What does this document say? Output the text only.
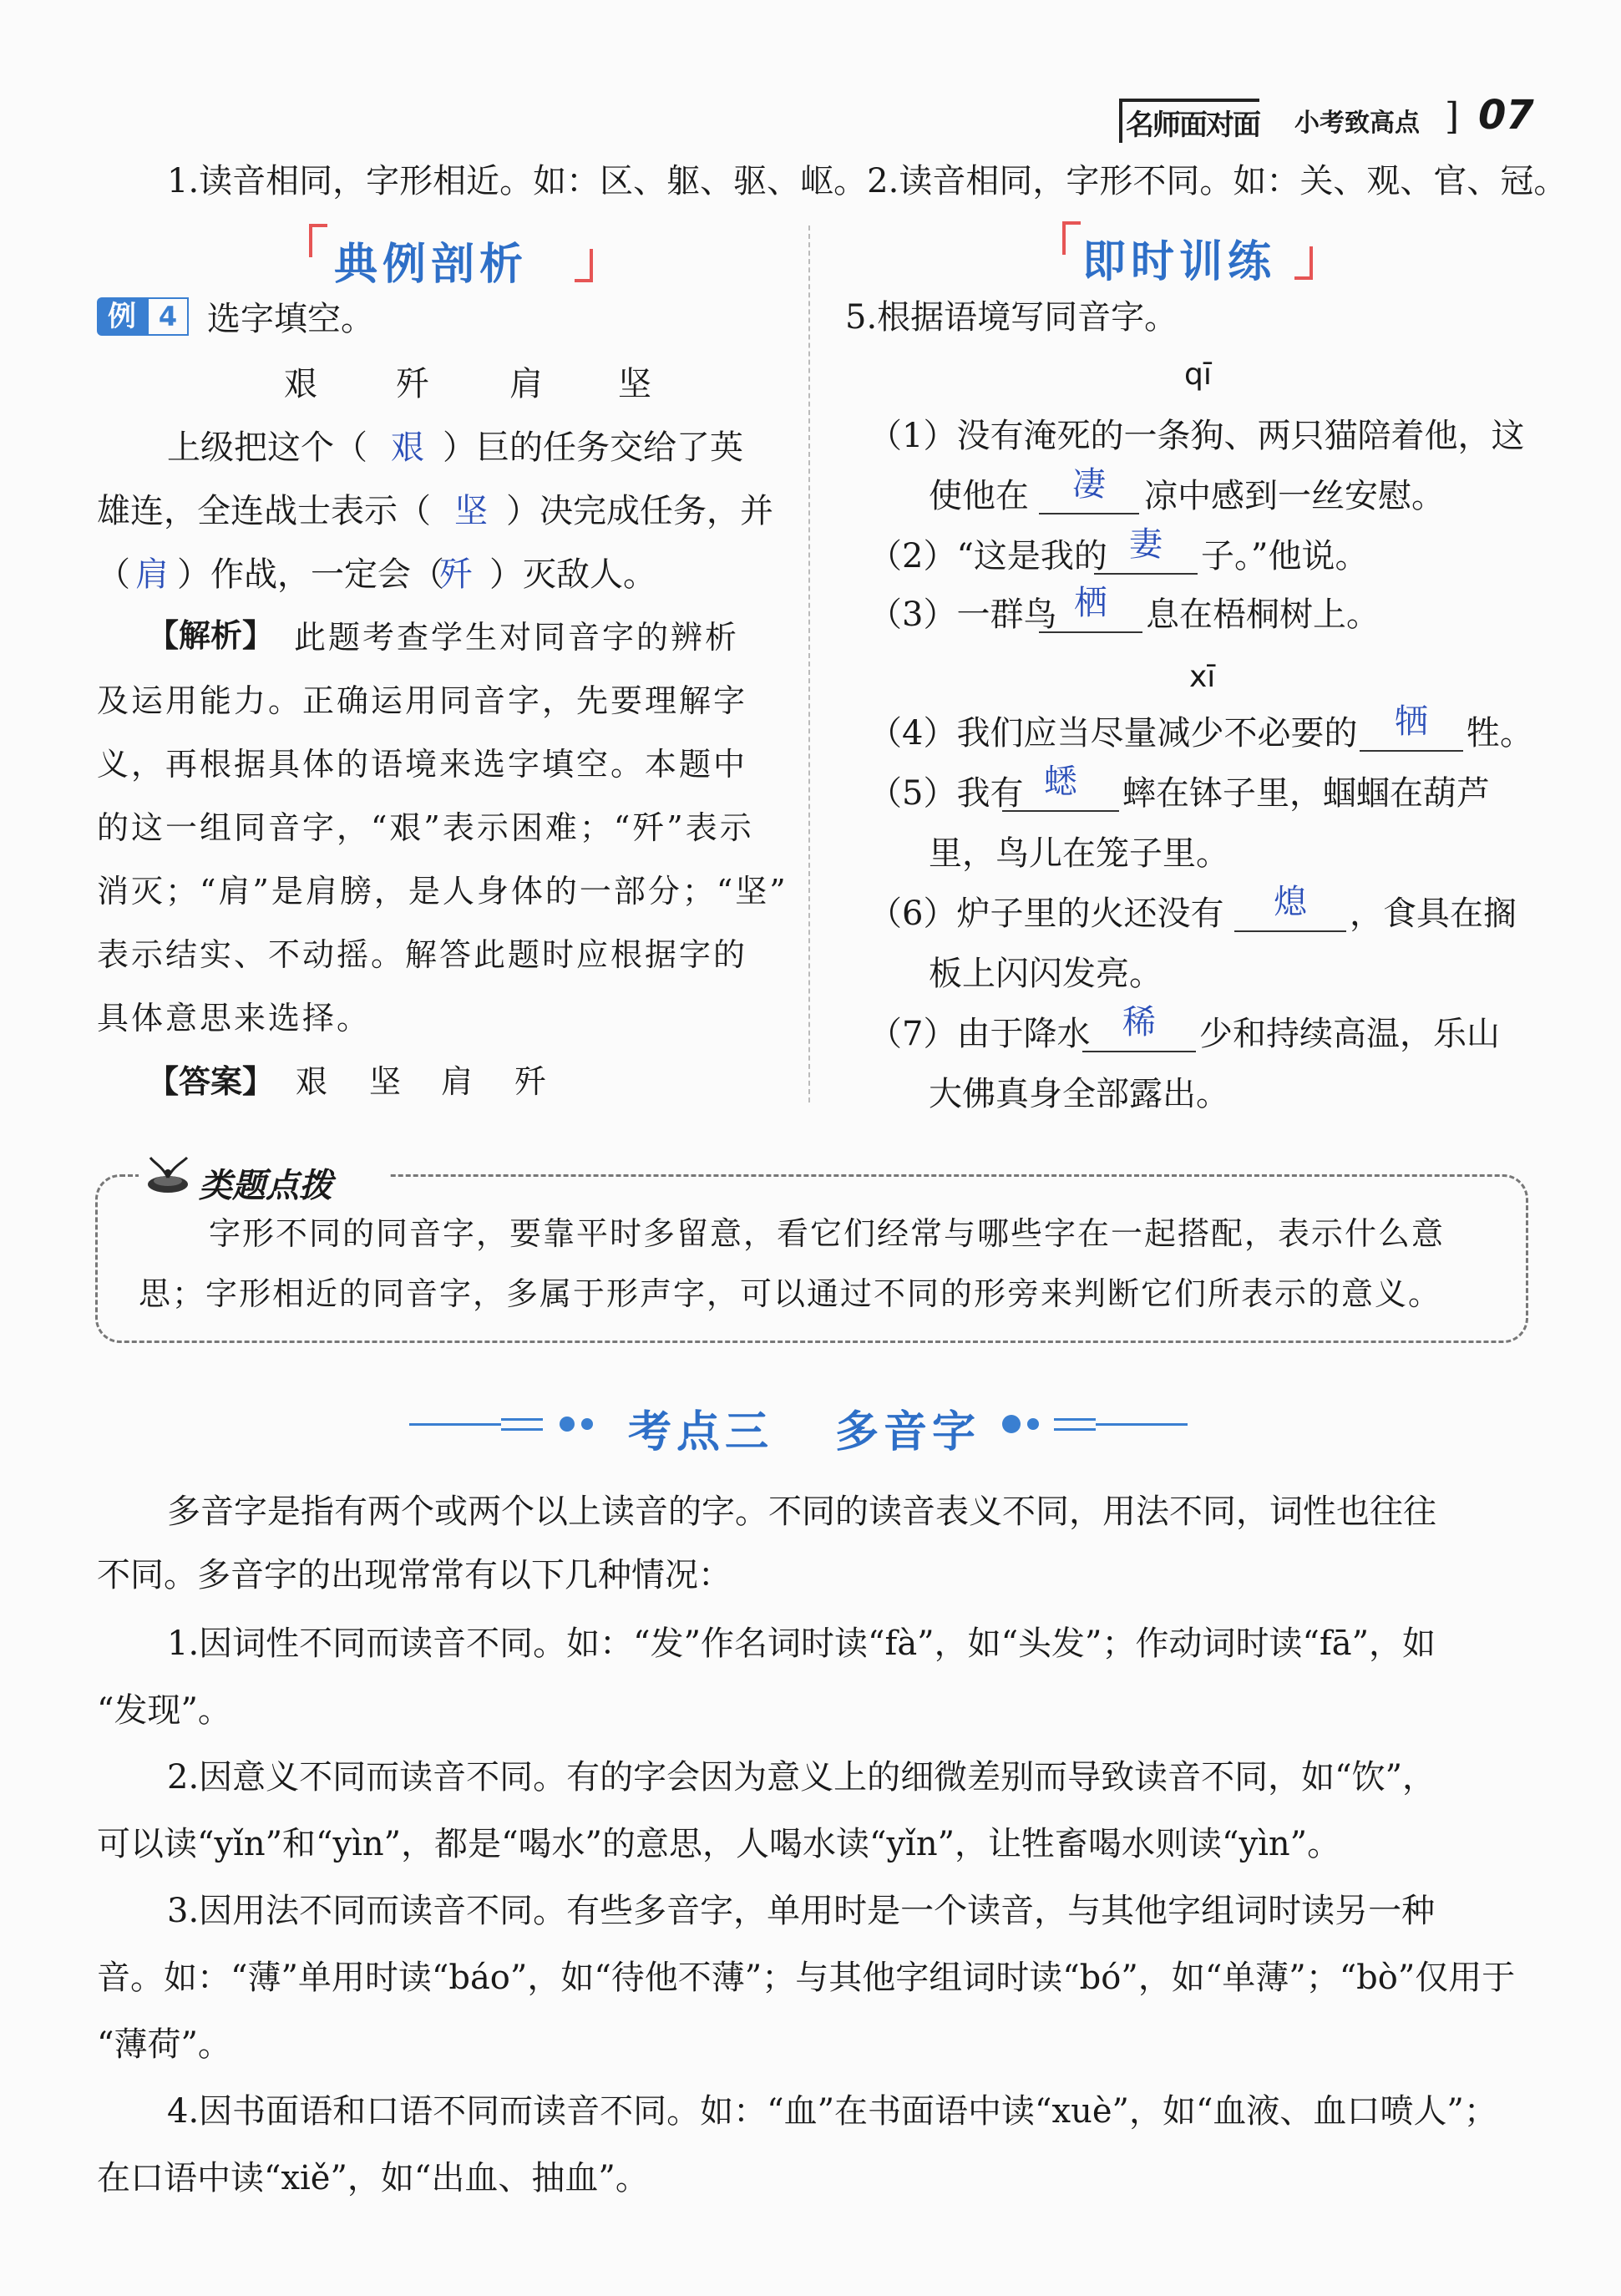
名师面对面 小考致高点 ] 07
1.读音相同，字形相近。如：区、躯、驱、岖。2.读音相同，字形不同。如：关、观、官、冠。
典例剖析	即时训练
例 4 选字填空。
艰 歼 肩 坚
上级把这个（ 艰 ）巨的任务交给了英
雄连，全连战士表示（ 坚 ）决完成任务，并
（ 肩 ）作战，一定会（
歼 ）灭敌人。
【解析】 此题考查学生对同音字的辨析
及运用能力。正确运用同音字，先要理解字
义，再根据具体的语境来选字填空。本题中
的这一组同音字，“艰”表示困难；“歼”表示
消灭；“肩”是肩膀，是人身体的一部分；“坚”
表示结实、不动摇。解答此题时应根据字的
具体意思来选择。
【答案】 艰 坚 肩 歼
5.根据语境写同音字。
qī
（1）没有淹死的一条狗、两只猫陪着他，这
使他在	凄	凉中感到一丝安慰。
（2）“这是我的 妻	子。”他说。
（3）一群鸟 栖	息在梧桐树上。
xī
（4）我们应当尽量减少不必要的	牺	牲。
（5）我有 蟋	蟀在钵子里，蝈蝈在葫芦
里，鸟儿在笼子里。
（6）炉子里的火还没有	熄	，食具在搁
板上闪闪发亮。
（7）由于降水 稀	少和持续高温，乐山
大佛真身全部露出。
类题点拨
字形不同的同音字，要靠平时多留意，看它们经常与哪些字在一起搭配，表示什么意
思；字形相近的同音字，多属于形声字，可以通过不同的形旁来判断它们所表示的意义。
考点三 多音字
多音字是指有两个或两个以上读音的字。不同的读音表义不同，用法不同，词性也往往
不同。多音字的出现常常有以下几种情况：
1.因词性不同而读音不同。如：“发”作名词时读“fà”，如“头发”；作动词时读“fā”，如
“发现”。
2.因意义不同而读音不同。有的字会因为意义上的细微差别而导致读音不同，如“饮”，
可以读“yǐn”和“yìn”，都是“喝水”的意思，人喝水读“yǐn”，让牲畜喝水则读“yìn”。
3.因用法不同而读音不同。有些多音字，单用时是一个读音，与其他字组词时读另一种
音。如：“薄”单用时读“báo”，如“待他不薄”；与其他字组词时读“bó”，如“单薄”；“bò”仅用于
“薄荷”。
4.因书面语和口语不同而读音不同。如：“血”在书面语中读“xuè”，如“血液、血口喷人”；
在口语中读“xiě”，如“出血、抽血”。
